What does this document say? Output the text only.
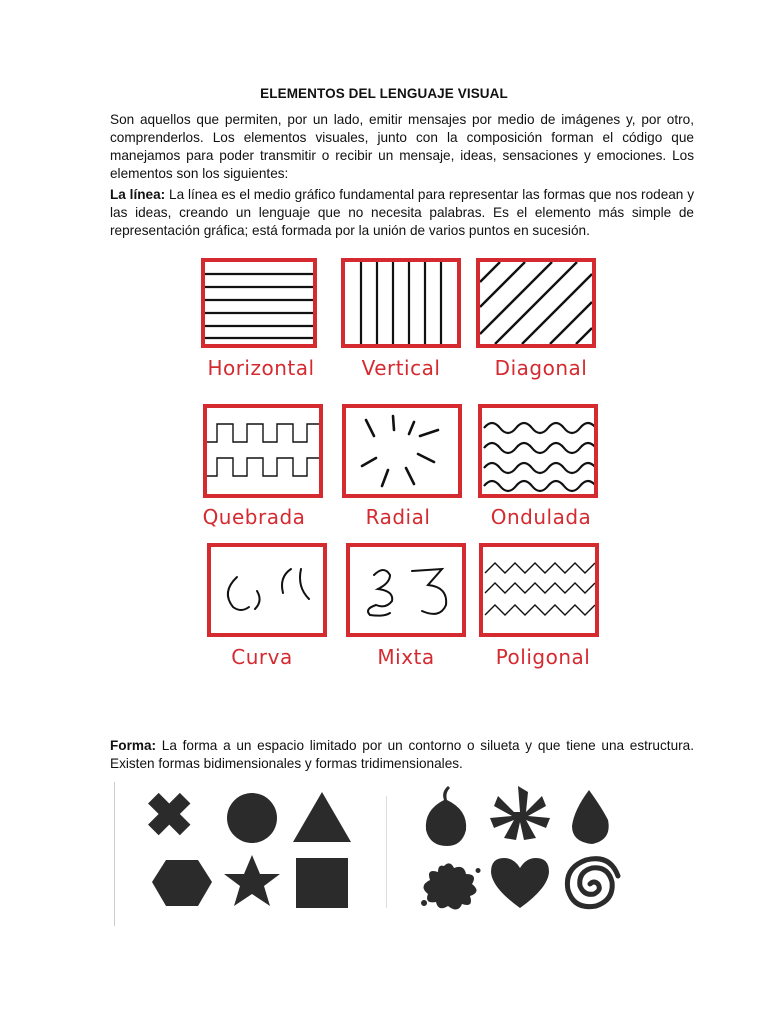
ELEMENTOS DEL LENGUAJE VISUAL
Son aquellos que permiten, por un lado, emitir mensajes por medio de imágenes y, por otro, comprenderlos. Los elementos visuales, junto con la composición forman el código que manejamos para poder transmitir o recibir un mensaje, ideas, sensaciones y emociones. Los elementos son los siguientes:
La línea: La línea es el medio gráfico fundamental para representar las formas que nos rodean y las ideas, creando un lenguaje que no necesita palabras. Es el elemento más simple de representación gráfica; está formada por la unión de varios puntos en sucesión.
Horizontal	Vertical	Diagonal
Quebrada	Radial	Ondulada
Curva	Mixta	Poligonal
Forma: La forma a un espacio limitado por un contorno o silueta y que tiene una estructura. Existen formas bidimensionales y formas tridimensionales.
